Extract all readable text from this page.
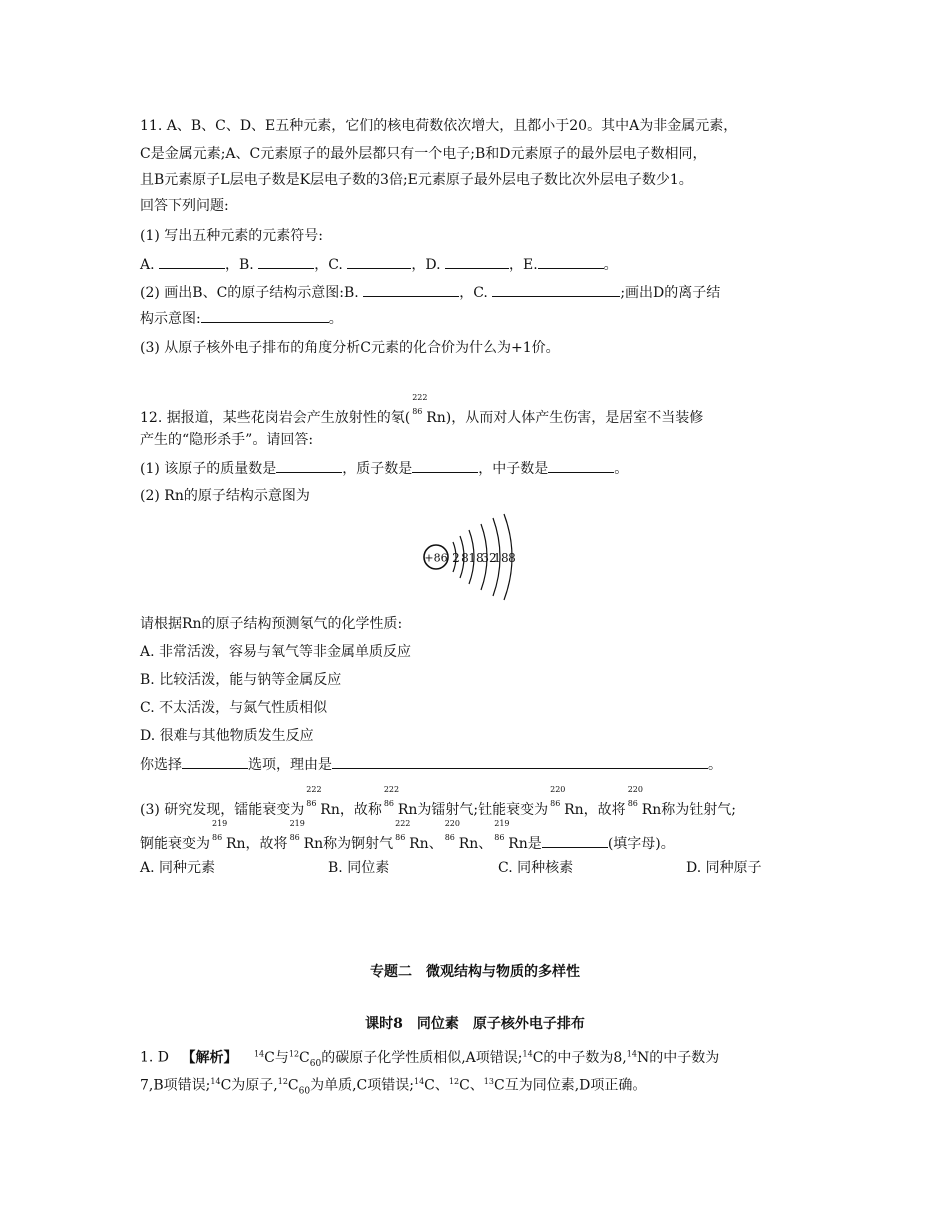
11. A、B、C、D、E五种元素，它们的核电荷数依次增大，且都小于20。其中A为非金属元素，
C是金属元素;A、C元素原子的最外层都只有一个电子;B和D元素原子的最外层电子数相同，
且B元素原子L层电子数是K层电子数的3倍;E元素原子最外层电子数比次外层电子数少1。
回答下列问题:
(1) 写出五种元素的元素符号:
A.	，B.	，C.	，D.	，E.	。
(2) 画出B、C的原子结构示意图:B.	，C.	;画出D的离子结
构示意图:	。
(3) 从原子核外电子排布的角度分析C元素的化合价为什么为+1价。
12. 据报道，某些花岗岩会产生放射性的氡(
222
86 Rn)，从而对人体产生伤害，是居室不当装修
产生的“隐形杀手”。请回答:
(1) 该原子的质量数是	，质子数是	，中子数是	。
(2) Rn的原子结构示意图为
+86 2 8 18
32
18 8
请根据Rn的原子结构预测氡气的化学性质:
A. 非常活泼，容易与氧气等非金属单质反应
B. 比较活泼，能与钠等金属反应
C. 不太活泼，与氮气性质相似
D. 很难与其他物质发生反应
你选择	选项，理由是	。
(3) 研究发现，镭能衰变为
222
86 Rn，故称
222
86 Rn为镭射气;钍能衰变为
220
86 Rn，故将
220
86 Rn称为钍射气;
锕能衰变为
219
86 Rn，故将
219
86 Rn称为锕射气
222
86 Rn、
220
86 Rn、
219
86 Rn是	(填字母)。
A. 同种元素	B. 同位素	C. 同种核素	D. 同种原子
专题二　微观结构与物质的多样性
课时8　同位素　原子核外电子排布
1. D 【解析】 $^{14}$C与$^{12}C_{60}$的碳原子化学性质相似,A项错误;$^{14}$C的中子数为8,14N的中子数为
7,B项错误;$^{14}$C为原子$,^{12}C_{60}$为单质,C项错误;$^{14}$C、$^{12}$C、$^{13}$C互为同位素,D项正确。
